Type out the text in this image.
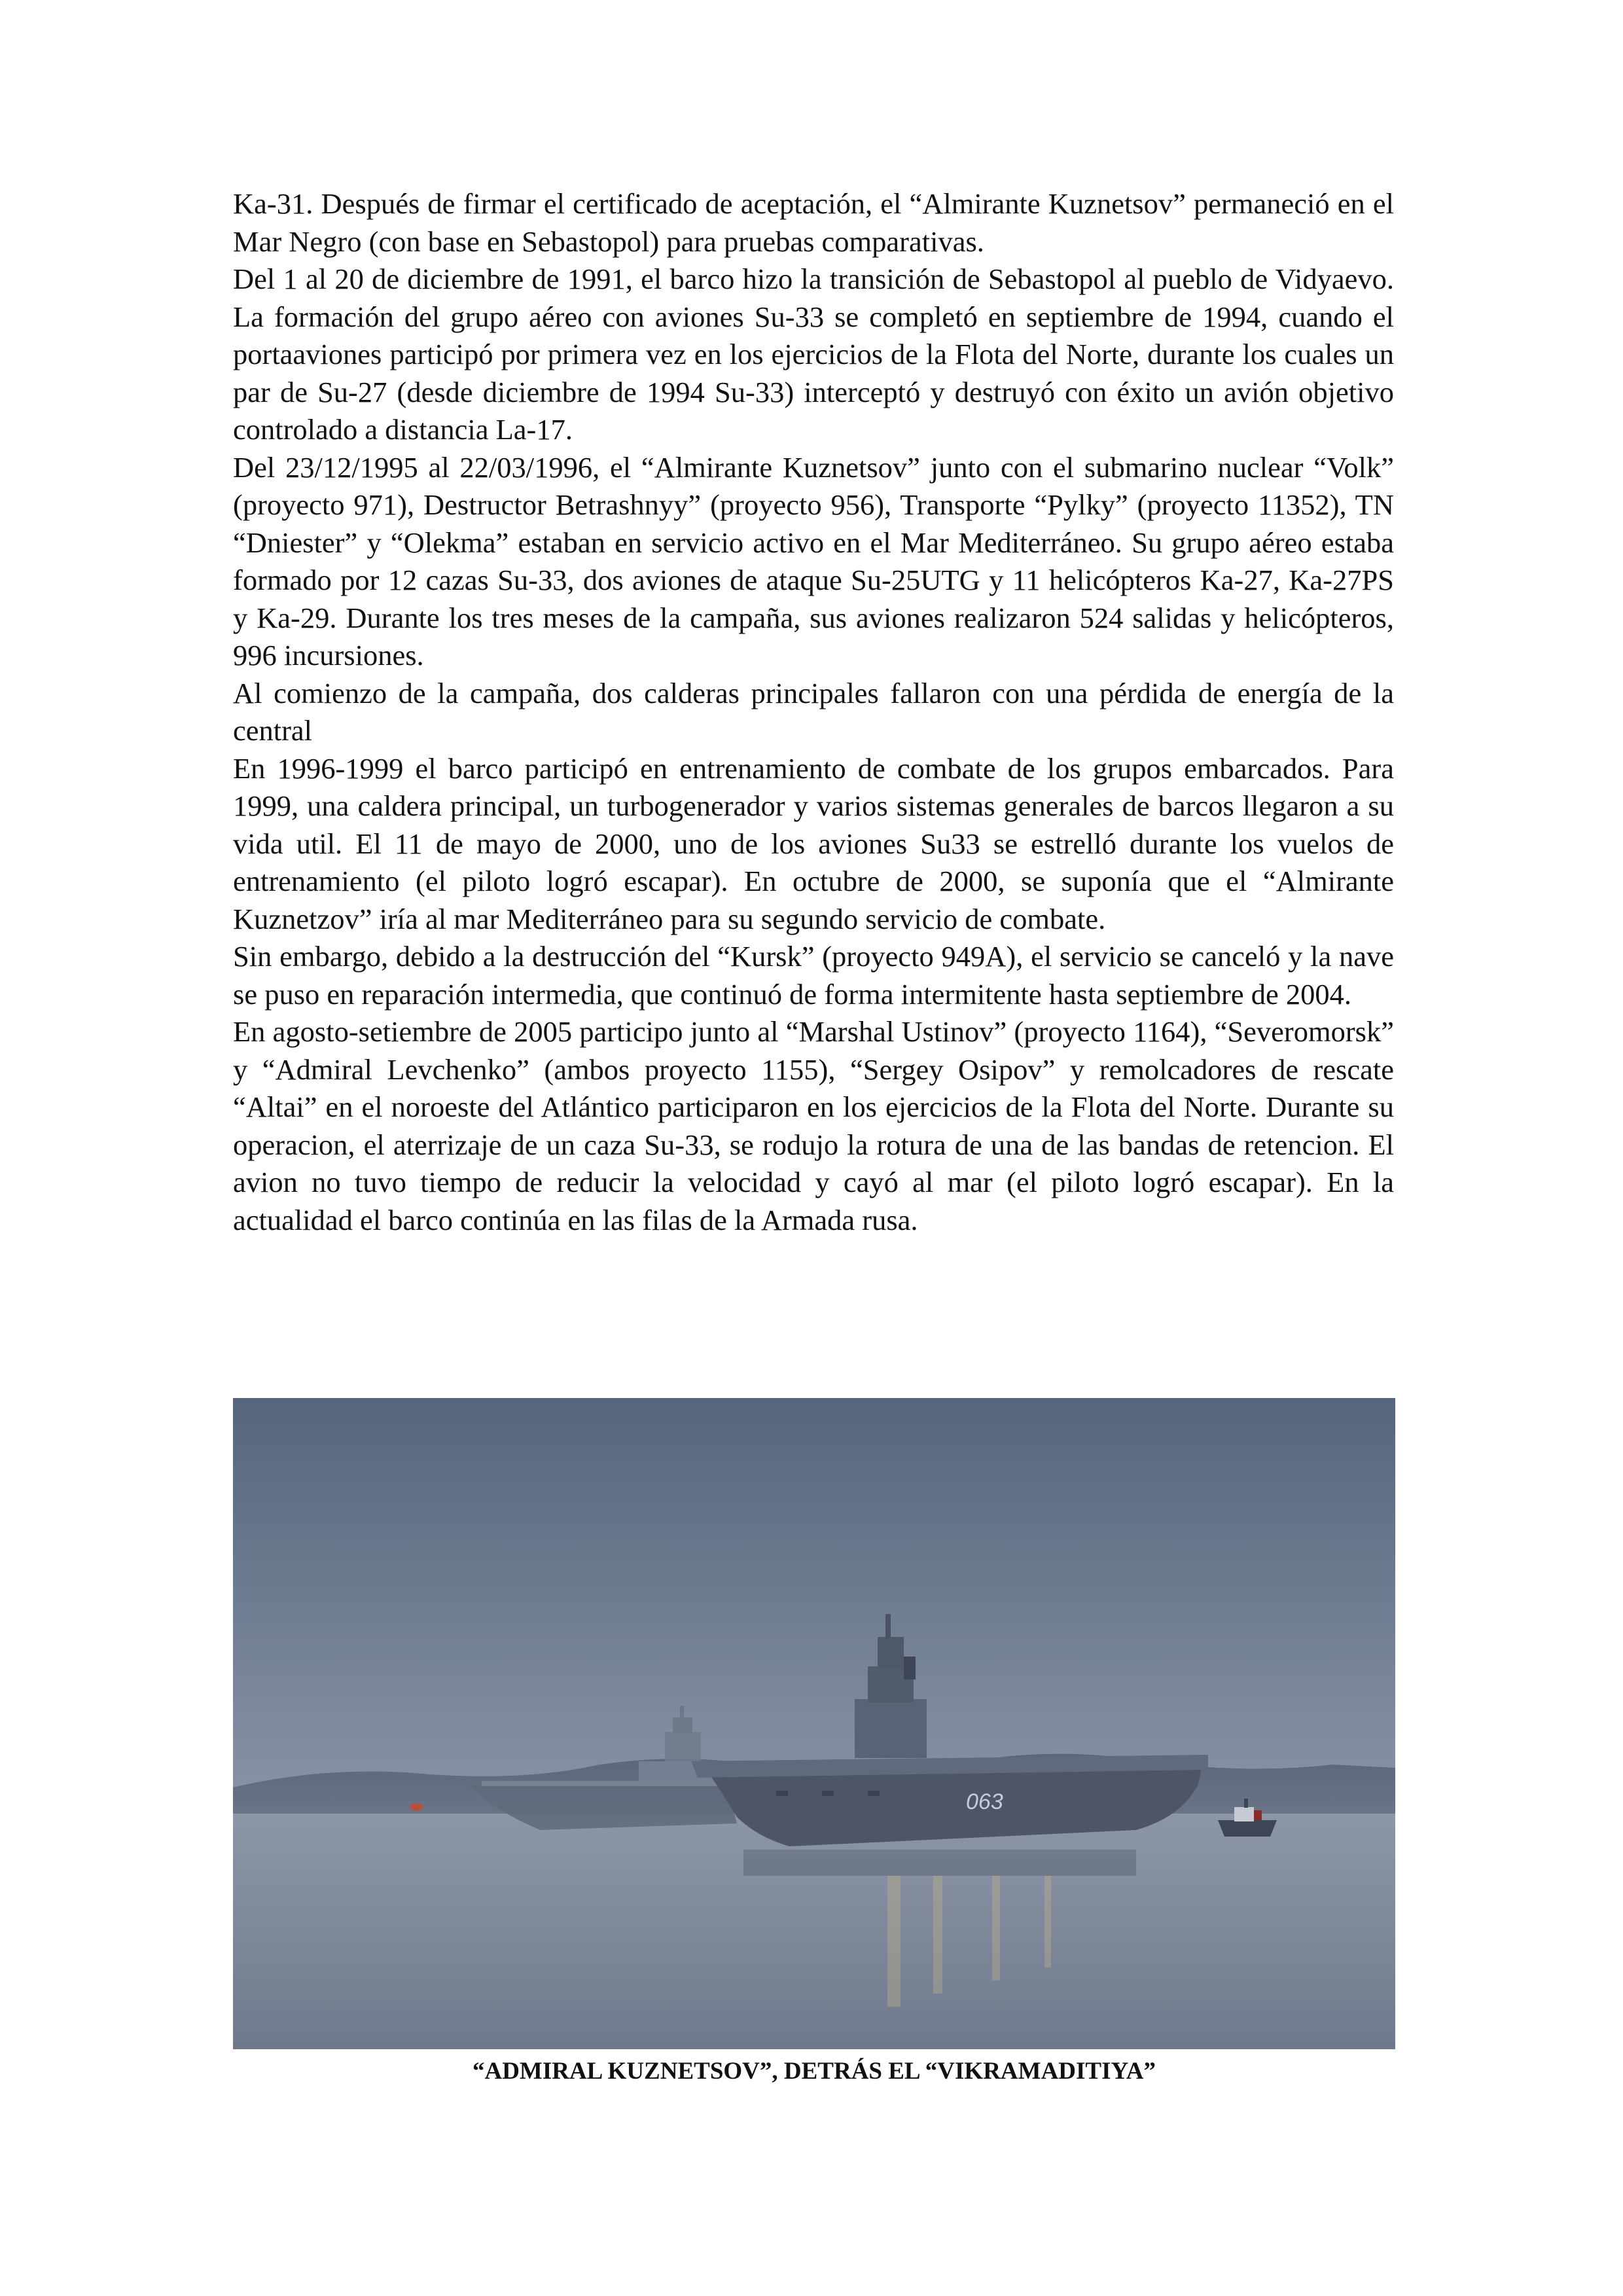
Ka-31. Después de firmar el certificado de aceptación, el “Almirante Kuznetsov” permaneció en el Mar Negro (con base en Sebastopol) para pruebas comparativas.

Del 1 al 20 de diciembre de 1991, el barco hizo la transición de Sebastopol al pueblo de Vidyaevo. La formación del grupo aéreo con aviones Su-33 se completó en septiembre de 1994, cuando el portaaviones participó por primera vez en los ejercicios de la Flota del Norte, durante los cuales un par de Su-27 (desde diciembre de 1994 Su-33) interceptó y destruyó con éxito un avión objetivo controlado a distancia La-17.

Del 23/12/1995 al 22/03/1996, el “Almirante Kuznetsov” junto con el submarino nuclear “Volk” (proyecto 971), Destructor Betrashnyy” (proyecto 956), Transporte “Pylky” (proyecto 11352), TN “Dniester” y “Olekma” estaban en servicio activo en el Mar Mediterráneo. Su grupo aéreo estaba formado por 12 cazas Su-33, dos aviones de ataque Su-25UTG y 11 helicópteros Ka-27, Ka-27PS y Ka-29. Durante los tres meses de la campaña, sus aviones realizaron 524 salidas y helicópteros, 996 incursiones.

Al comienzo de la campaña, dos calderas principales fallaron con una pérdida de energía de la central

En 1996-1999 el barco participó en entrenamiento de combate de los grupos embarcados. Para 1999, una caldera principal, un turbogenerador y varios sistemas generales de barcos llegaron a su vida util. El 11 de mayo de 2000, uno de los aviones Su33 se estrelló durante los vuelos de entrenamiento (el piloto logró escapar). En octubre de 2000, se suponía que el “Almirante Kuznetzov” iría al mar Mediterráneo para su segundo servicio de combate.

Sin embargo, debido a la destrucción del “Kursk” (proyecto 949A), el servicio se canceló y la nave se puso en reparación intermedia, que continuó de forma intermitente hasta septiembre de 2004.

En agosto-setiembre de 2005 participo junto al “Marshal Ustinov” (proyecto 1164), “Severomorsk” y “Admiral Levchenko” (ambos proyecto 1155), “Sergey Osipov” y remolcadores de rescate “Altai” en el noroeste del Atlántico participaron en los ejercicios de la Flota del Norte. Durante su operacion, el aterrizaje de un caza Su-33, se rodujo la rotura de una de las bandas de retencion. El avion no tuvo tiempo de reducir la velocidad y cayó al mar (el piloto logró escapar). En la actualidad el barco continúa en las filas de la Armada rusa.

063
“ADMIRAL KUZNETSOV”, DETRÁS EL “VIKRAMADITIYA”
